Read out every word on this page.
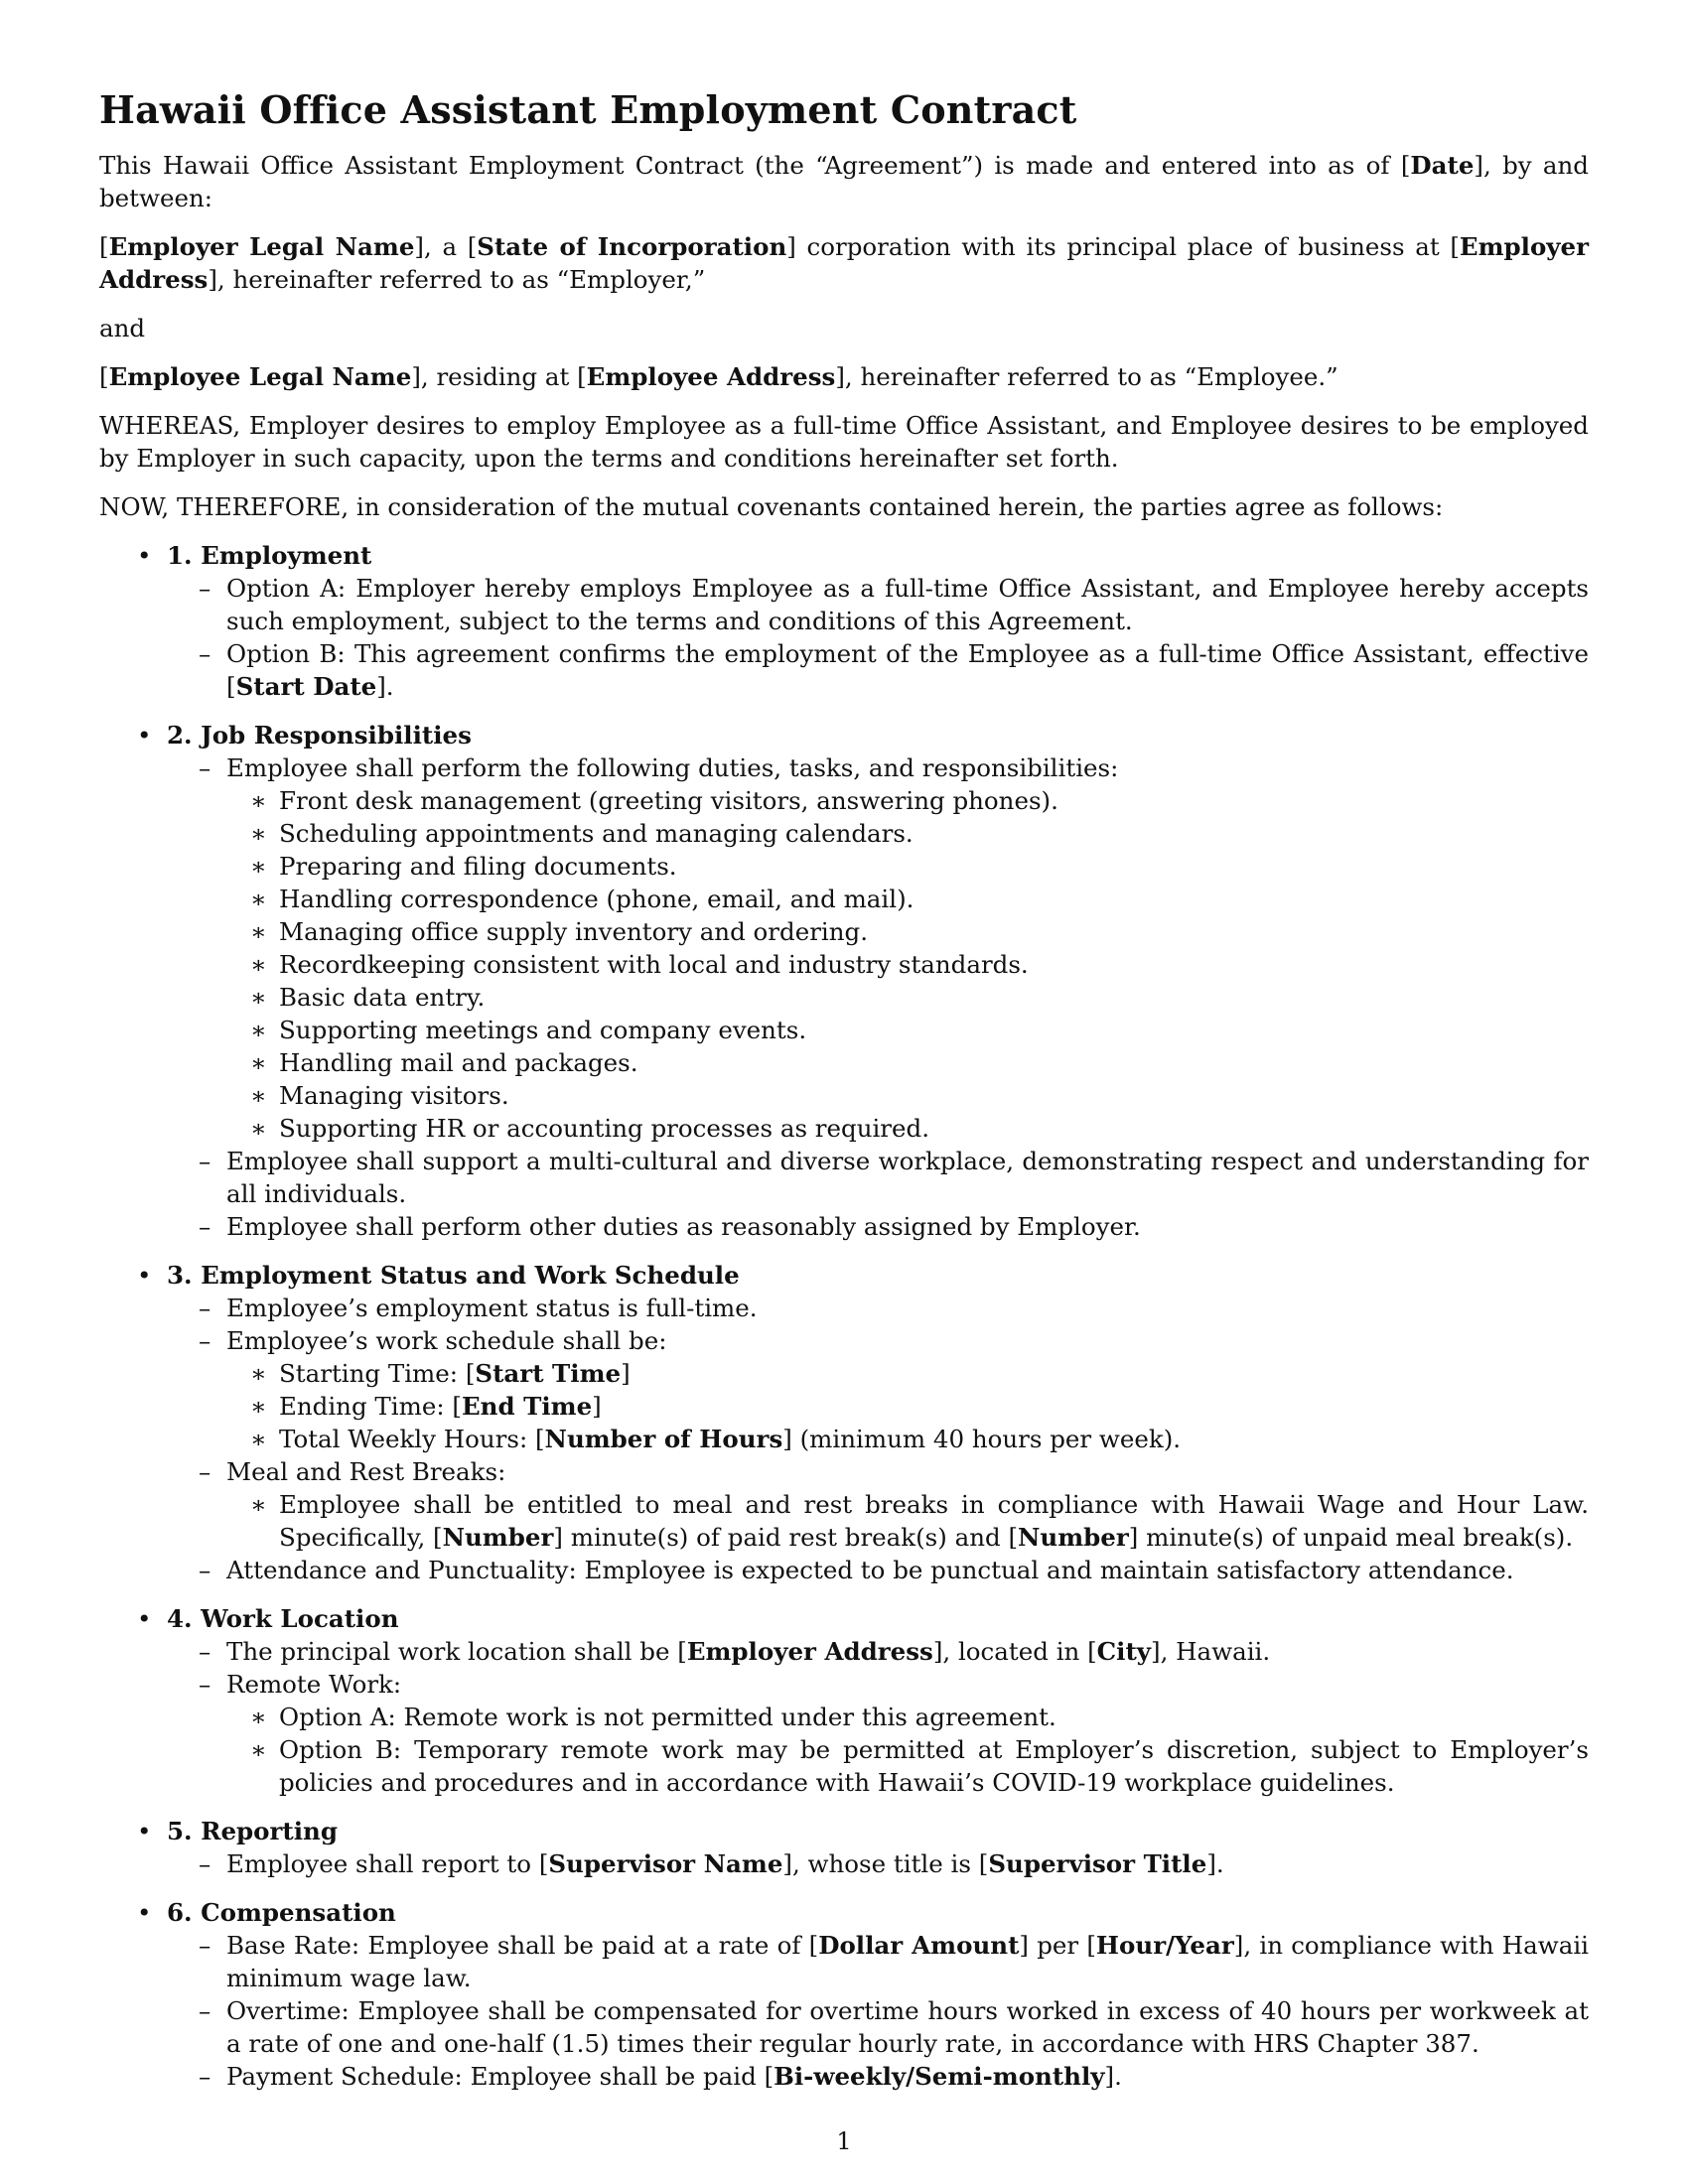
Hawaii Office Assistant Employment Contract

This Hawaii Office Assistant Employment Contract (the “Agreement”) is made and entered into as of [Date], by and between:

[Employer Legal Name], a [State of Incorporation] corporation with its principal place of business at [Employer Address], hereinafter referred to as “Employer,”

and

[Employee Legal Name], residing at [Employee Address], hereinafter referred to as “Employee.”

WHEREAS, Employer desires to employ Employee as a full-time Office Assistant, and Employee desires to be employed by Employer in such capacity, upon the terms and conditions hereinafter set forth.

NOW, THEREFORE, in consideration of the mutual covenants contained herein, the parties agree as follows:

• 1. Employment
– Option A: Employer hereby employs Employee as a full-time Office Assistant, and Employee hereby accepts such employment, subject to the terms and conditions of this Agreement.
– Option B: This agreement confirms the employment of the Employee as a full-time Office Assistant, effective [Start Date].
• 2. Job Responsibilities
– Employee shall perform the following duties, tasks, and responsibilities:
∗ Front desk management (greeting visitors, answering phones).
∗ Scheduling appointments and managing calendars.
∗ Preparing and filing documents.
∗ Handling correspondence (phone, email, and mail).
∗ Managing office supply inventory and ordering.
∗ Recordkeeping consistent with local and industry standards.
∗ Basic data entry.
∗ Supporting meetings and company events.
∗ Handling mail and packages.
∗ Managing visitors.
∗ Supporting HR or accounting processes as required.
– Employee shall support a multi-cultural and diverse workplace, demonstrating respect and understanding for all individuals.
– Employee shall perform other duties as reasonably assigned by Employer.
• 3. Employment Status and Work Schedule
– Employee’s employment status is full-time.
– Employee’s work schedule shall be:
∗ Starting Time: [Start Time]
∗ Ending Time: [End Time]
∗ Total Weekly Hours: [Number of Hours] (minimum 40 hours per week).
– Meal and Rest Breaks:
∗ Employee shall be entitled to meal and rest breaks in compliance with Hawaii Wage and Hour Law. Specifically, [Number] minute(s) of paid rest break(s) and [Number] minute(s) of unpaid meal break(s).
– Attendance and Punctuality: Employee is expected to be punctual and maintain satisfactory attendance.
• 4. Work Location
– The principal work location shall be [Employer Address], located in [City], Hawaii.
– Remote Work:
∗ Option A: Remote work is not permitted under this agreement.
∗ Option B: Temporary remote work may be permitted at Employer’s discretion, subject to Employer’s policies and procedures and in accordance with Hawaii’s COVID-19 workplace guidelines.
• 5. Reporting
– Employee shall report to [Supervisor Name], whose title is [Supervisor Title].
• 6. Compensation
– Base Rate: Employee shall be paid at a rate of [Dollar Amount] per [Hour/Year], in compliance with Hawaii minimum wage law.
– Overtime: Employee shall be compensated for overtime hours worked in excess of 40 hours per workweek at a rate of one and one-half (1.5) times their regular hourly rate, in accordance with HRS Chapter 387.
– Payment Schedule: Employee shall be paid [Bi-weekly/Semi-monthly].
1
